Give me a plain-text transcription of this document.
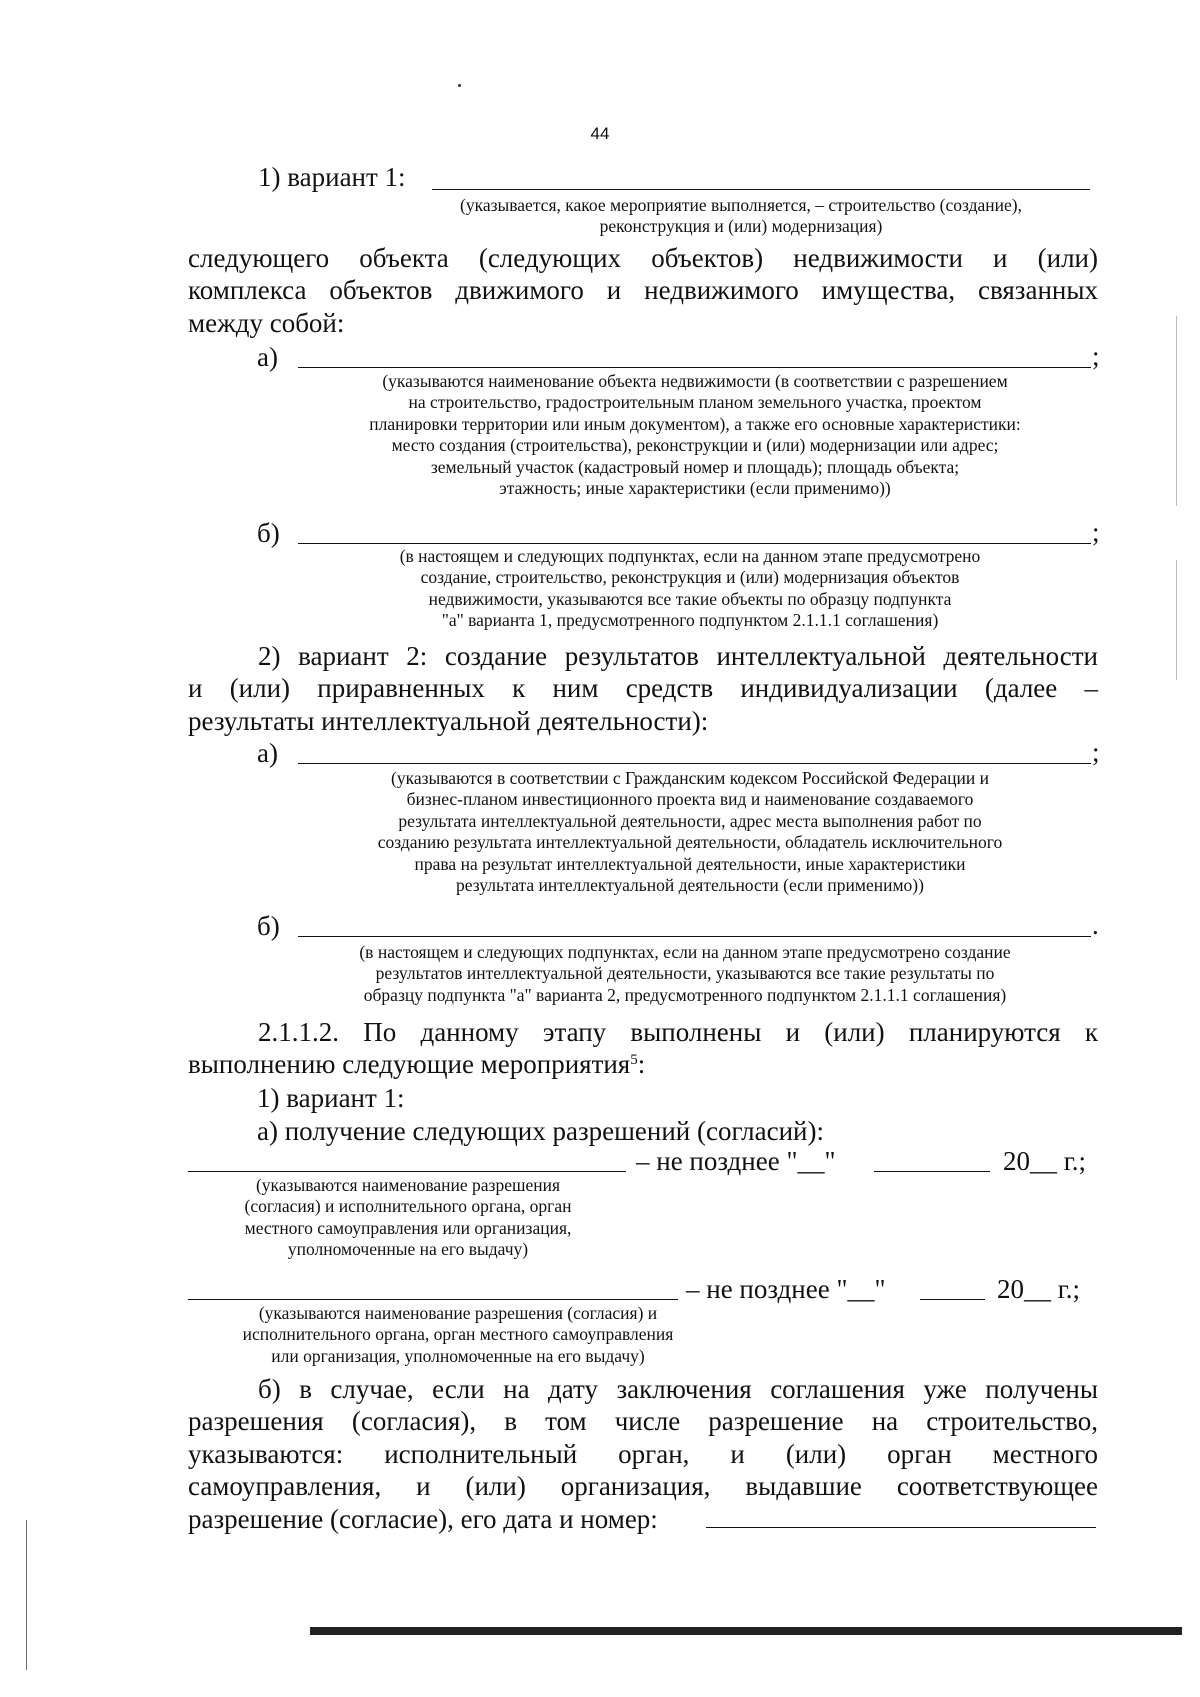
44
1) вариант 1:
(указывается, какое мероприятие выполняется, – строительство (создание),
реконструкция и (или) модернизация)
следующего объекта (следующих объектов) недвижимости и (или)
комплекса объектов движимого и недвижимого имущества, связанных
между собой:
а)	;
(указываются наименование объекта недвижимости (в соответствии с разрешением
на строительство, градостроительным планом земельного участка, проектом
планировки территории или иным документом), а также его основные характеристики:
место создания (строительства), реконструкции и (или) модернизации или адрес;
земельный участок (кадастровый номер и площадь); площадь объекта;
этажность; иные характеристики (если применимо))
б)	;
(в настоящем и следующих подпунктах, если на данном этапе предусмотрено
создание, строительство, реконструкция и (или) модернизация объектов
недвижимости, указываются все такие объекты по образцу подпункта
"а" варианта 1, предусмотренного подпунктом 2.1.1.1 соглашения)
2) вариант 2: создание результатов интеллектуальной деятельности
и (или) приравненных к ним средств индивидуализации (далее –
результаты интеллектуальной деятельности):
а)	;
(указываются в соответствии с Гражданским кодексом Российской Федерации и
бизнес-планом инвестиционного проекта вид и наименование создаваемого
результата интеллектуальной деятельности, адрес места выполнения работ по
созданию результата интеллектуальной деятельности, обладатель исключительного
права на результат интеллектуальной деятельности, иные характеристики
результата интеллектуальной деятельности (если применимо))
б)	.
(в настоящем и следующих подпунктах, если на данном этапе предусмотрено создание
результатов интеллектуальной деятельности, указываются все такие результаты по
образцу подпункта "а" варианта 2, предусмотренного подпунктом 2.1.1.1 соглашения)
2.1.1.2. По данному этапу выполнены и (или) планируются к
выполнению следующие мероприятия$^5$:
1) вариант 1:
а) получение следующих разрешений (согласий):
– не позднее "__"	20__ г.;
(указываются наименование разрешения
(согласия) и исполнительного органа, орган
местного самоуправления или организация,
уполномоченные на его выдачу)
– не позднее "__"	20__ г.;
(указываются наименование разрешения (согласия) и
исполнительного органа, орган местного самоуправления
или организация, уполномоченные на его выдачу)
б) в случае, если на дату заключения соглашения уже получены
разрешения (согласия), в том числе разрешение на строительство,
указываются: исполнительный орган, и (или) орган местного
самоуправления, и (или) организация, выдавшие соответствующее
разрешение (согласие), его дата и номер:
